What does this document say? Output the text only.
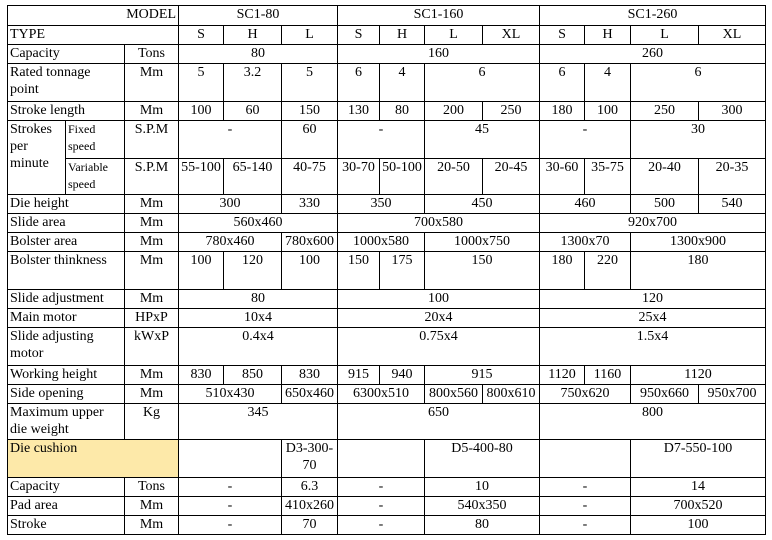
MODEL			SC1-80			SC1-160				SC1-260			
TYPE			S	H	L	S	H	L	XL	S	H	L	XL
Capacity		Tons	80			160				260			
Rated tonnage point		Mm	5	3.2	5	6	4	6		6	4	6	
Stroke length		Mm	100	60	150	130	80	200	250	180	100	250	300
Strokes per minute	Fixed speed	S.P.M	-		60	-		45		-		30	
	Variable speed	S.P.M	55-100	65-140	40-75	30-70	50-100	20-50	20-45	30-60	35-75	20-40	20-35
Die height		Mm	300		330	350		450		460		500	540
Slide area		Mm	560x460			700x580				920x700			
Bolster area		Mm	780x460		780x600	1000x580		1000x750		1300x70		1300x900	
Bolster thinkness		Mm	100	120	100	150	175	150		180	220	180	
Slide adjustment		Mm	80			100				120			
Main motor		HPxP	10x4			20x4				25x4			
Slide adjusting motor		kWxP	0.4x4			0.75x4				1.5x4			
Working height		Mm	830	850	830	915	940	915		1120	1160	1120	
Side opening		Mm	510x430		650x460	6300x510		800x560	800x610	750x620		950x660	950x700
Maximum upper die weight		Kg	345			650				800			
Die cushion					D3-300-70			D5-400-80				D7-550-100	
Capacity		Tons	-		6.3	-		10		-		14	
Pad area		Mm	-		410x260	-		540x350		-		700x520	
Stroke		Mm	-		70	-		80		-		100	
